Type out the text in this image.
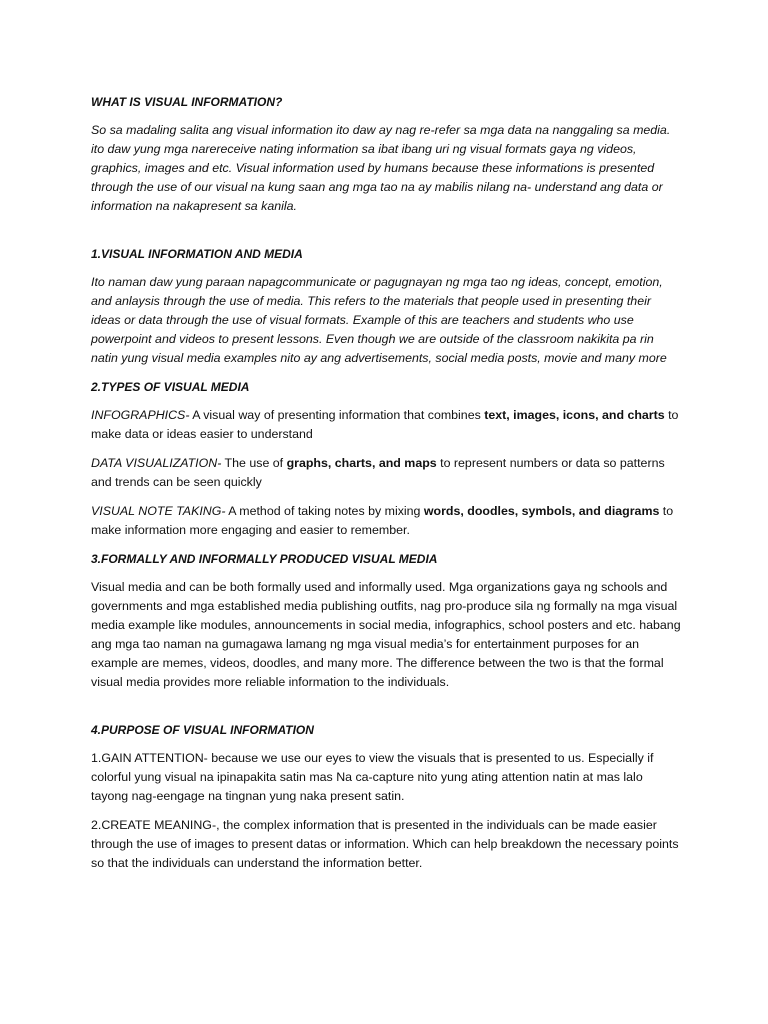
WHAT IS VISUAL INFORMATION?

So sa madaling salita ang visual information ito daw ay nag re-refer sa mga data na nanggaling sa media. ito daw yung mga narereceive nating information sa ibat ibang uri ng visual formats gaya ng videos, graphics, images and etc. Visual information used by humans because these informations is presented through the use of our visual na kung saan ang mga tao na ay mabilis nilang na- understand ang data or information na nakapresent sa kanila.

1.VISUAL INFORMATION AND MEDIA

Ito naman daw yung paraan napagcommunicate or pagugnayan ng mga tao ng ideas, concept, emotion, and anlaysis through the use of media. This refers to the materials that people used in presenting their ideas or data through the use of visual formats. Example of this are teachers and students who use powerpoint and videos to present lessons. Even though we are outside of the classroom nakikita pa rin natin yung visual media examples nito ay ang advertisements, social media posts, movie and many more

2.TYPES OF VISUAL MEDIA

INFOGRAPHICS- A visual way of presenting information that combines text, images, icons, and charts to make data or ideas easier to understand

DATA VISUALIZATION- The use of graphs, charts, and maps to represent numbers or data so patterns and trends can be seen quickly

VISUAL NOTE TAKING- A method of taking notes by mixing words, doodles, symbols, and diagrams to make information more engaging and easier to remember.

3.FORMALLY AND INFORMALLY PRODUCED VISUAL MEDIA

Visual media and can be both formally used and informally used. Mga organizations gaya ng schools and governments and mga established media publishing outfits, nag pro-produce sila ng formally na mga visual media example like modules, announcements in social media, infographics, school posters and etc. habang ang mga tao naman na gumagawa lamang ng mga visual media’s for entertainment purposes for an example are memes, videos, doodles, and many more. The difference between the two is that the formal visual media provides more reliable information to the individuals.

4.PURPOSE OF VISUAL INFORMATION

1.GAIN ATTENTION- because we use our eyes to view the visuals that is presented to us. Especially if colorful yung visual na ipinapakita satin mas Na ca-capture nito yung ating attention natin at mas lalo tayong nag-eengage na tingnan yung naka present satin.

2.CREATE MEANING-, the complex information that is presented in the individuals can be made easier through the use of images to present datas or information. Which can help breakdown the necessary points so that the individuals can understand the information better.
